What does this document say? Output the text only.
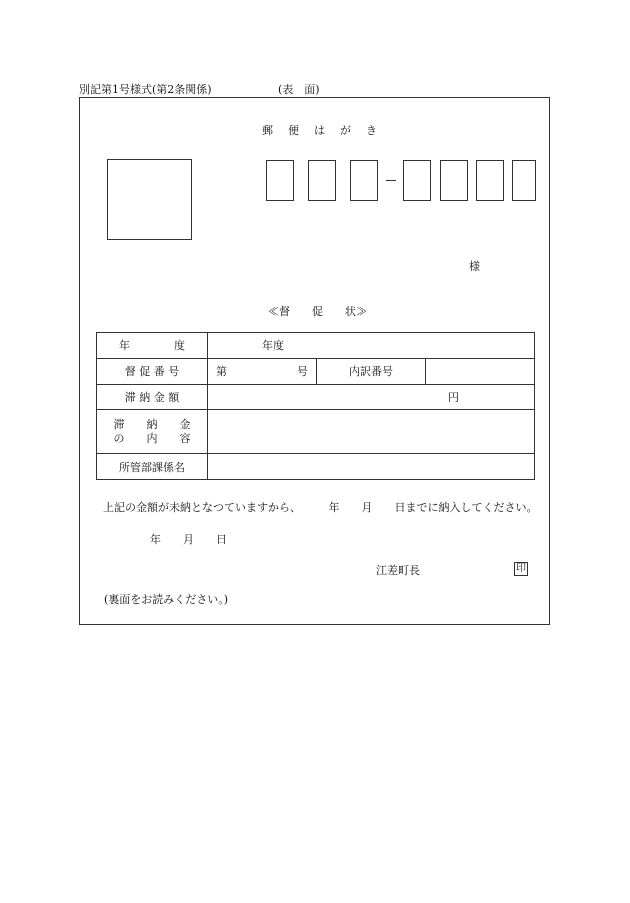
別記第1号様式(第2条関係)	(表　面)
郵　便　は　が　き
様
≪督　　促　　状≫
年　　　　度	年度		
督 促 番 号	第 号	内訳番号	
滞 納 金 額	円		

滞　　納　　金
の　　内　　容			

所管部課係名			
上記の金額が未納となつていますから、　　　年　　月　　日までに納入してください。
年　　月　　日
江差町長	印
(裏面をお読みください。)
